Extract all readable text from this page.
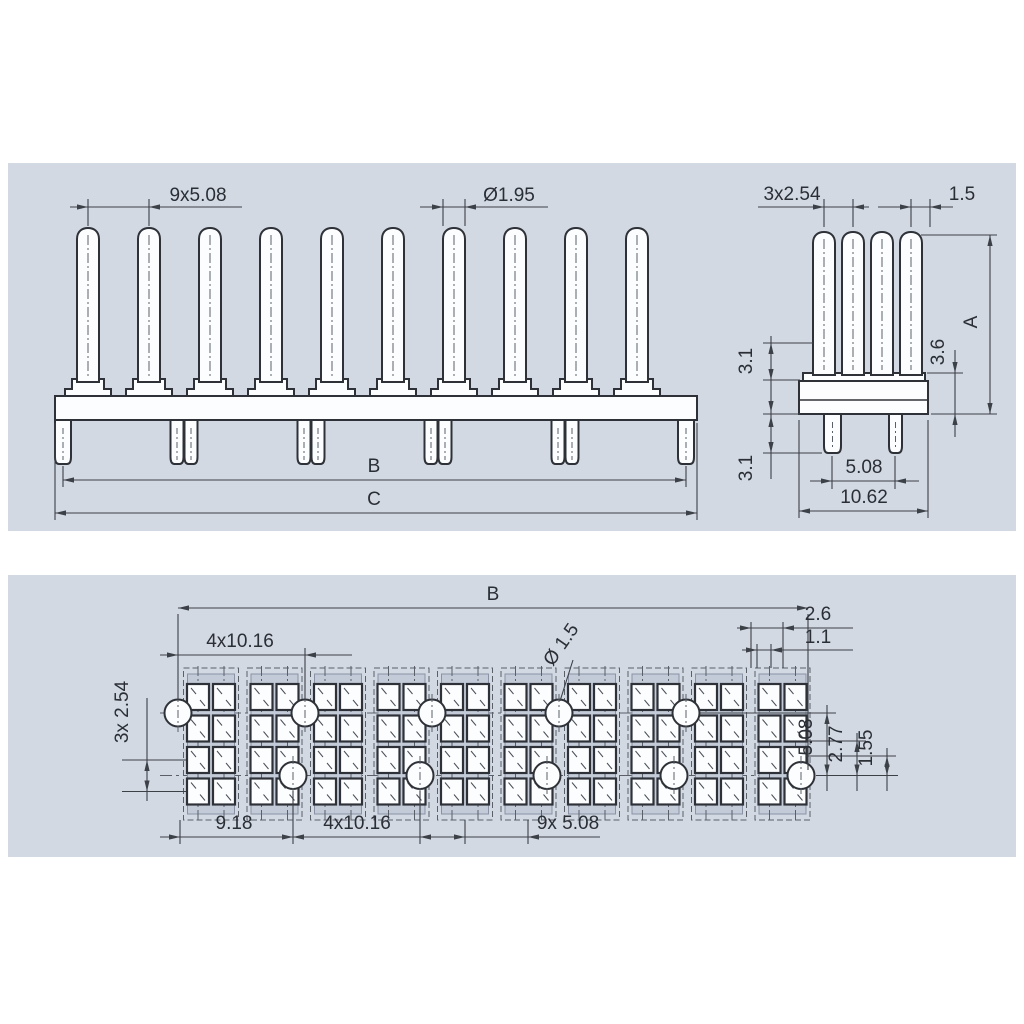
9x5.08	Ø1.95
B
C
3x2.54	1.5
A
3.6
3.1
3.1	5.08
10.62
B
4x10.16	Ø 1.5
2.6
1.1
5.08 2.77 1.55
3x 2.54
9.18	4x10.16	9x 5.08
